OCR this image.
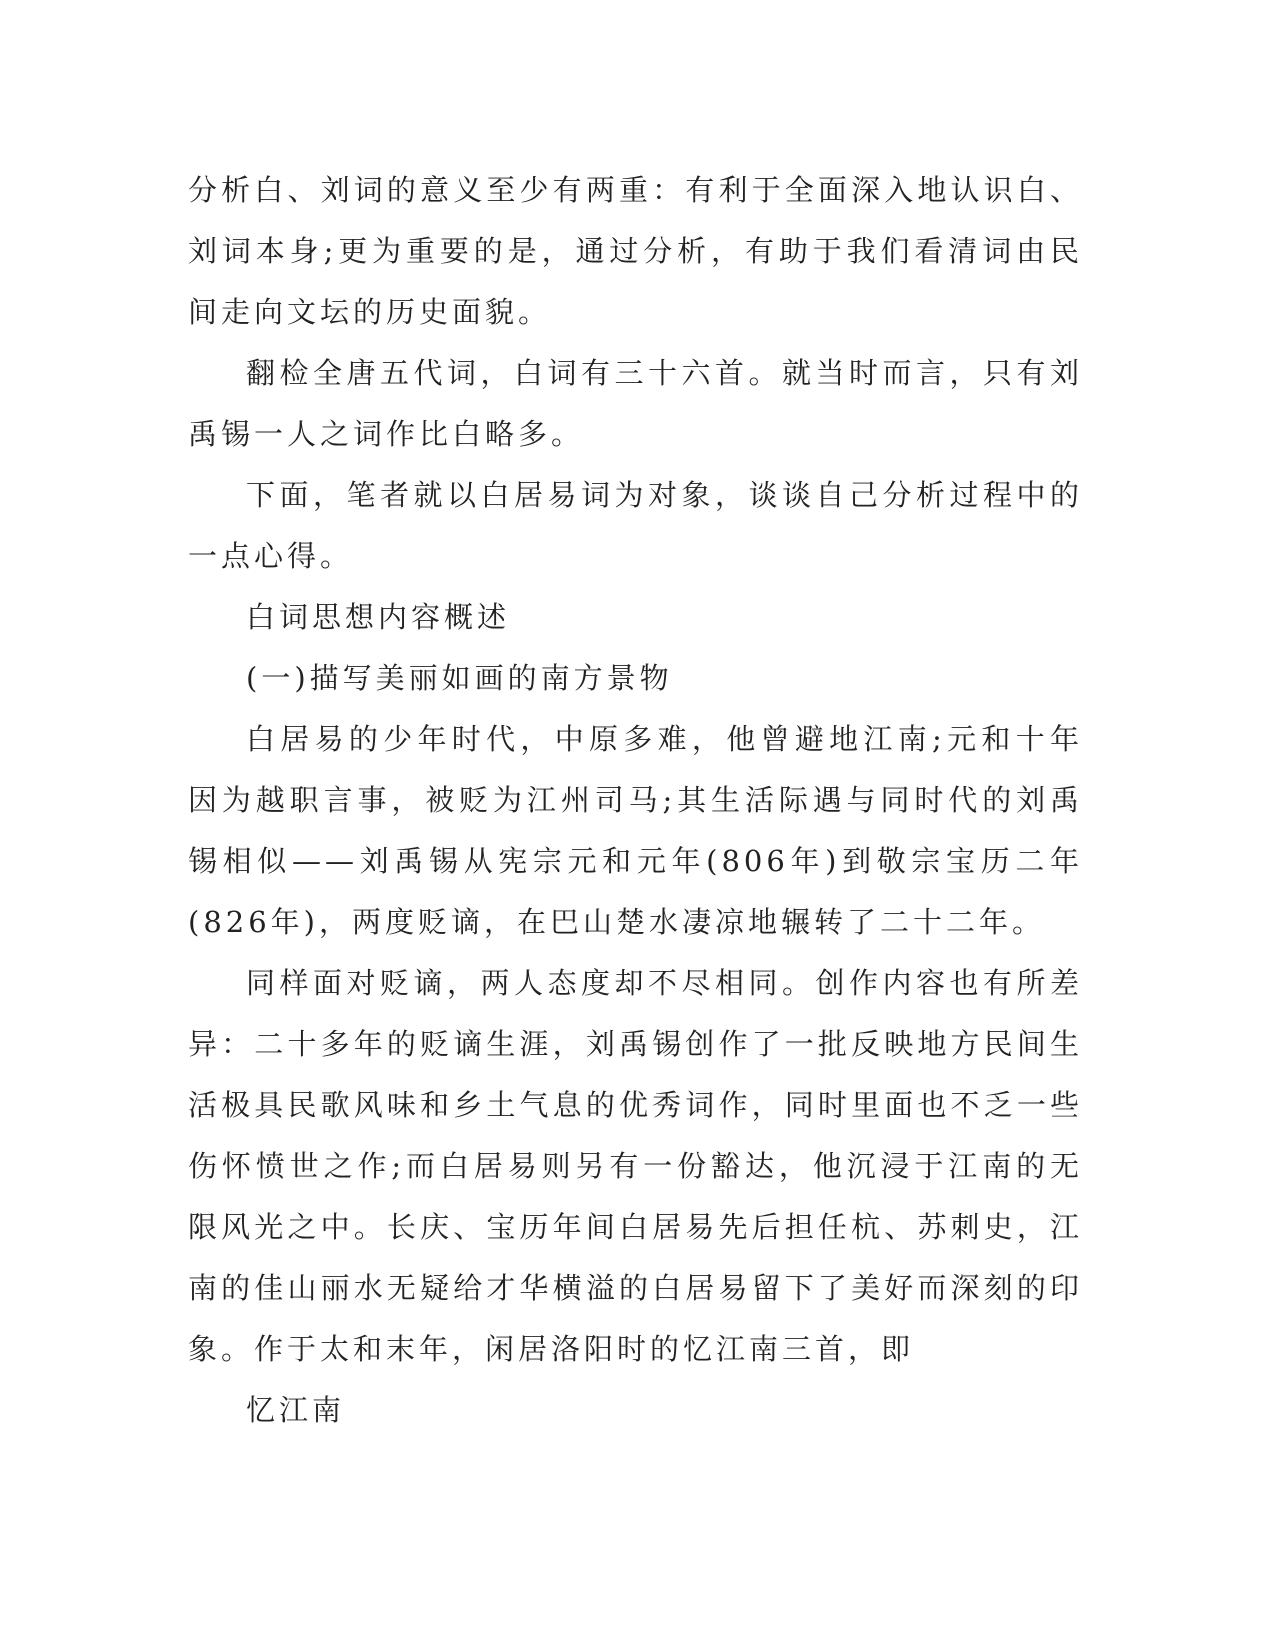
分析白、刘词的意义至少有两重：有利于全面深入地认识白、刘词本身;更为重要的是，通过分析，有助于我们看清词由民间走向文坛的历史面貌。

翻检全唐五代词，白词有三十六首。就当时而言，只有刘禹锡一人之词作比白略多。

下面，笔者就以白居易词为对象，谈谈自己分析过程中的一点心得。

白词思想内容概述

(一)描写美丽如画的南方景物

白居易的少年时代，中原多难，他曾避地江南;元和十年因为越职言事，被贬为江州司马;其生活际遇与同时代的刘禹锡相似——刘禹锡从宪宗元和元年(806年)到敬宗宝历二年(826年)，两度贬谪，在巴山楚水凄凉地辗转了二十二年。

同样面对贬谪，两人态度却不尽相同。创作内容也有所差异：二十多年的贬谪生涯，刘禹锡创作了一批反映地方民间生活极具民歌风味和乡土气息的优秀词作，同时里面也不乏一些伤怀愤世之作;而白居易则另有一份豁达，他沉浸于江南的无限风光之中。长庆、宝历年间白居易先后担任杭、苏刺史，江南的佳山丽水无疑给才华横溢的白居易留下了美好而深刻的印象。作于太和末年，闲居洛阳时的忆江南三首，即

忆江南
